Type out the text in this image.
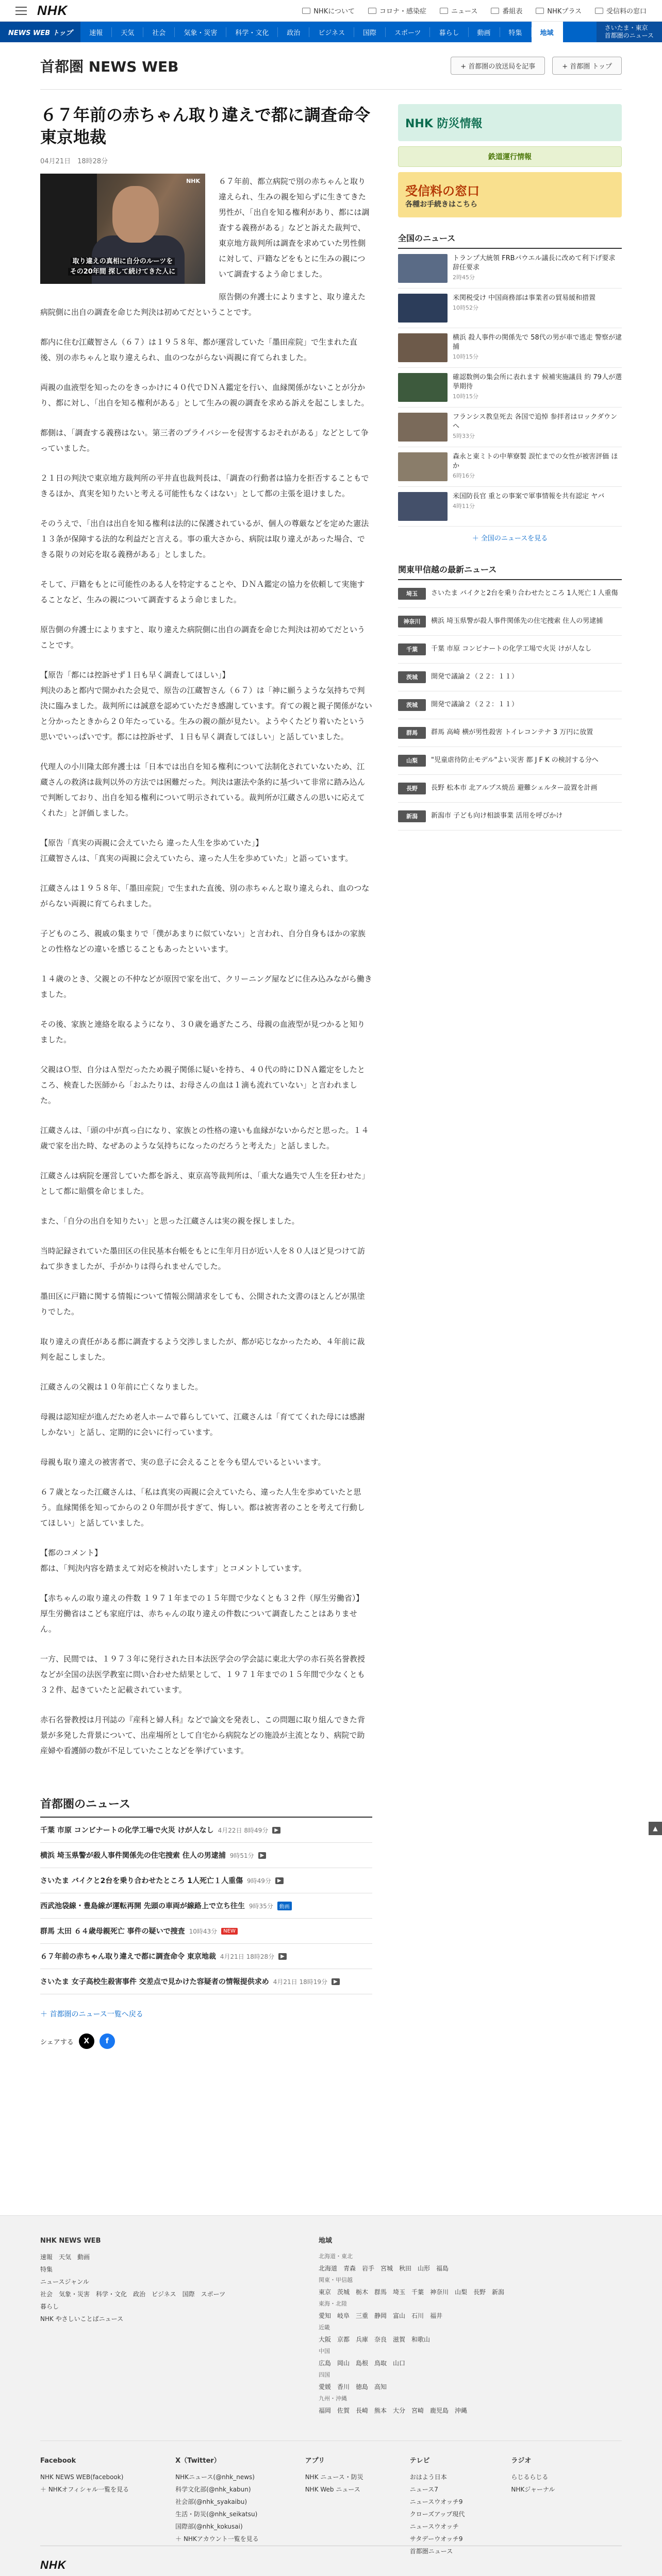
NHK	NHKについて	コロナ・感染症	ニュース	番組表	NHKプラス	受信料の窓口
NEWS WEB トップ	速報	天気	社会	気象・災害	科学・文化	政治	ビジネス	国際	スポーツ	暮らし	動画	特集	地域
さいたま・東京
首都圏のニュース
首都圏 NEWS WEB	+ 首都圏の放送局を記事	+ 首都圏 トップ
６７年前の赤ちゃん取り違えで都に調査命令 東京地裁
04月21日　18時28分
NHK
取り違えの真相に自分のルーツを
その20年間 探して続けてきた人に

６７年前、都立病院で別の赤ちゃんと取り違えられ、生みの親を知らずに生きてきた男性が、「出自を知る権利があり、都には調査する義務がある」などと訴えた裁判で、東京地方裁判所は調査を求めていた男性側に対して、戸籍などをもとに生みの親について調査するよう命じました。

原告側の弁護士によりますと、取り違えた病院側に出自の調査を命じた判決は初めてだということです。

都内に住む江蔵智さん（６７）は１９５８年、都が運営していた「墨田産院」で生まれた直後、別の赤ちゃんと取り違えられ、血のつながらない両親に育てられました。

両親の血液型を知ったのをきっかけに４０代でＤＮＡ鑑定を行い、血縁関係がないことが分かり、都に対し、「出自を知る権利がある」として生みの親の調査を求める訴えを起こしました。

都側は、「調査する義務はない。第三者のプライバシーを侵害するおそれがある」などとして争っていました。

２１日の判決で東京地方裁判所の平井直也裁判長は、「調査の行動者は協力を拒否することもできるほか、真実を知りたいと考える可能性もなくはない」として都の主張を退けました。

そのうえで、「出自は出自を知る権利は法的に保護されているが、個人の尊厳などを定めた憲法１３条が保障する法的な利益だと言える。事の重大さから、病院は取り違えがあった場合、できる限りの対応を取る義務がある」としました。

そして、戸籍をもとに可能性のある人を特定することや、ＤＮＡ鑑定の協力を依頼して実施することなど、生みの親について調査するよう命じました。

原告側の弁護士によりますと、取り違えた病院側に出自の調査を命じた判決は初めてだということです。

【原告「都には控訴せず１日も早く調査してほしい」】
判決のあと都内で開かれた会見で、原告の江蔵智さん（６７）は「神に願うような気持ちで判決に臨みました。裁判所には誠意を認めていただき感謝しています。育ての親と親子関係がないと分かったときから２０年たっている。生みの親の顔が見たい。ようやくたどり着いたという思いでいっぱいです。都には控訴せず、１日も早く調査してほしい」と話していました。

代理人の小川隆太郎弁護士は「日本では出自を知る権利について法制化されていないため、江蔵さんの救済は裁判以外の方法では困難だった。判決は憲法や条約に基づいて非常に踏み込んで判断しており、出自を知る権利について明示されている。裁判所が江蔵さんの思いに応えてくれた」と評価しました。

【原告「真実の両親に会えていたら 違った人生を歩めていた」】
江蔵智さんは、「真実の両親に会えていたら、違った人生を歩めていた」と語っています。

江蔵さんは１９５８年、「墨田産院」で生まれた直後、別の赤ちゃんと取り違えられ、血のつながらない両親に育てられました。

子どものころ、親戚の集まりで「僕があまりに似ていない」と言われ、自分自身もほかの家族との性格などの違いを感じることもあったといいます。

１４歳のとき、父親との不仲などが原因で家を出て、クリーニング屋などに住み込みながら働きました。

その後、家族と連絡を取るようになり、３０歳を過ぎたころ、母親の血液型が見つかると知りました。

父親はＯ型、自分はＡ型だったため親子関係に疑いを持ち、４０代の時にＤＮＡ鑑定をしたところ、検査した医師から「おふたりは、お母さんの血は１滴も流れていない」と言われました。

江蔵さんは、「頭の中が真っ白になり、家族との性格の違いも血縁がないからだと思った。１４歳で家を出た時、なぜあのような気持ちになったのだろうと考えた」と話しました。

江蔵さんは病院を運営していた都を訴え、東京高等裁判所は、「重大な過失で人生を狂わせた」として都に賠償を命じました。

また、「自分の出自を知りたい」と思った江蔵さんは実の親を探しました。

当時記録されていた墨田区の住民基本台帳をもとに生年月日が近い人を８０人ほど見つけて訪ねて歩きましたが、手がかりは得られませんでした。

墨田区に戸籍に関する情報について情報公開請求をしても、公開された文書のほとんどが黒塗りでした。

取り違えの責任がある都に調査するよう交渉しましたが、都が応じなかったため、４年前に裁判を起こしました。

江蔵さんの父親は１０年前に亡くなりました。

母親は認知症が進んだため老人ホームで暮らしていて、江蔵さんは「育ててくれた母には感謝しかない」と話し、定期的に会いに行っています。

母親も取り違えの被害者で、実の息子に会えることを今も望んでいるといいます。

６７歳となった江蔵さんは、「私は真実の両親に会えていたら、違った人生を歩めていたと思う。血縁関係を知ってからの２０年間が長すぎて、悔しい。都は被害者のことを考えて行動してほしい」と話していました。

【都のコメント】
都は、「判決内容を踏まえて対応を検討いたします」とコメントしています。

【赤ちゃんの取り違えの件数 １９７１年までの１５年間で少なくとも３２件（厚生労働省）】
厚生労働省はこども家庭庁は、赤ちゃんの取り違えの件数について調査したことはありません。

一方、民間では、１９７３年に発行された日本法医学会の学会誌に東北大学の赤石英名誉教授などが全国の法医学教室に問い合わせた結果として、１９７１年までの１５年間で少なくとも３２件、起きていたと記載されています。

赤石名誉教授は月刊誌の『産科と婦人科』などで論文を発表し、この問題に取り組んできた背景が多発した背景について、出産場所として自宅から病院などの施設が主流となり、病院で助産婦や看護師の数が不足していたことなどを挙げています。

首都圏のニュース
千葉 市原 コンビナートの化学工場で火災 けが人なし 4月22日 8時49分	▶
横浜 埼玉県警が殺人事件関係先の住宅捜索 住人の男逮捕 9時51分	▶
さいたま バイクと2台を乗り合わせたところ 1人死亡１人重傷 9時49分	▶
西武池袋線・豊島線が運転再開 先頭の車両が線路上で立ち往生 9時35分	動画
群馬 太田 ６４歳母親死亡 事件の疑いで捜査 10時43分	NEW
６７年前の赤ちゃん取り違えで都に調査命令 東京地裁 4月21日 18時28分	▶
さいたま 女子高校生殺害事件 交差点で見かけた容疑者の情報提供求め 4月21日 18時19分	▶
＋ 首都圏のニュース一覧へ戻る
シェアする	X	f
NHK 防災情報
鉄道運行情報
受信料の窓口
各種お手続きはこちら
全国のニュース
トランプ大統領 FRBパウエル議長に改めて利下げ要求 辞任要求
2時45分
米関税受け 中国商務部は事業者の貿易緩和措置
10時52分
横浜 殺人事件の関係先で 58代の男が車で逃走 警察が逮捕
10時15分
確認数例の集会所に表れます 候補実施議員 約 79人が選挙期待
10時15分
フランシス教皇死去 各国で追悼 参拝者はロックダウンへ
5時33分
森永と東ミトの中華寮製 誤忙までの女性が被害評価 ほか
6時16分
米国防長官 重との事案で軍事情報を共有認定 ヤバ
4時11分
＋ 全国のニュースを見る
関東甲信越の最新ニュース
埼玉	さいたま バイクと2台を乗り合わせたところ 1人死亡１人重傷
神奈川	横浜 埼玉県警が殺人事件関係先の住宅捜索 住人の男逮捕
千葉	千葉 市原 コンビナートの化学工場で火災 けが人なし
茨城	開発で議論２（２２：１１）
茨城	開発で議論２（２２：１１）
群馬	群馬 高崎 横が男性殺害 トイレコンテナ 3 万円に放置
山梨	"児童虐待防止モデル"よい災害 都 J F K の検討する分へ
長野	長野 松本市 北アルプス焼岳 避難シェルター設置を計画
新潟	新潟市 子ども向け相談事業 活用を呼びかけ
▲
NHK NEWS WEB
速報　天気　動画
特集
ニュースジャンル
社会　気象・災害　科学・文化　政治　ビジネス　国際　スポーツ
暮らし
NHK やさしいことばニュース
地域
北海道・東北
北海道　青森　岩手　宮城　秋田　山形　福島
関東・甲信越
東京　茨城　栃木　群馬　埼玉　千葉　神奈川　山梨　長野　新潟
東海・北陸
愛知　岐阜　三重　静岡　富山　石川　福井
近畿
大阪　京都　兵庫　奈良　滋賀　和歌山
中国
広島　岡山　島根　鳥取　山口
四国
愛媛　香川　徳島　高知
九州・沖縄
福岡　佐賀　長崎　熊本　大分　宮崎　鹿児島　沖縄
Facebook
NHK NEWS WEB(facebook)
＋ NHKオフィシャル一覧を見る
X（Twitter）
NHKニュース(@nhk_news)
科学文化部(@nhk_kabun)
社会部(@nhk_syakaibu)
生活・防災(@nhk_seikatsu)
国際部(@nhk_kokusai)
＋ NHKアカウント一覧を見る
アプリ
NHK ニュース・防災
NHK Web ニュース
テレビ
おはよう日本
ニュース7
ニュースウオッチ9
クローズアップ現代
ニュースウオッチ
サタデーウオッチ9
首都圏ニュース
ラジオ
らじるらじる
NHKジャーナル
NHK
